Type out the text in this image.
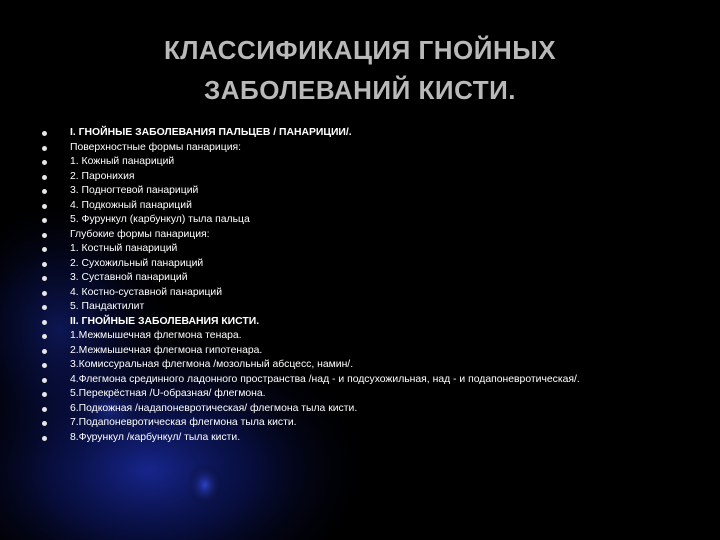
КЛАССИФИКАЦИЯ ГНОЙНЫХ
ЗАБОЛЕВАНИЙ КИСТИ.
I. ГНОЙНЫЕ ЗАБОЛЕВАНИЯ ПАЛЬЦЕВ / ПАНАРИЦИИ/.
Поверхностные формы панариция:
1. Кожный панариций
2. Паронихия
3. Подногтевой панариций
4. Подкожный панариций
5. Фурункул (карбункул) тыла пальца
Глубокие формы панариция:
1. Костный панариций
2. Сухожильный панариций
3. Суставной панариций
4. Костно-суставной панариций
5. Пандактилит
II. ГНОЙНЫЕ ЗАБОЛЕВАНИЯ КИСТИ.
1.Межмышечная флегмона тенара.
2.Межмышечная флегмона гипотенара.
3.Комиссуральная флегмона /мозольный абсцесс, намин/.
4.Флегмона срединного ладонного пространства /над - и подсухожильная, над - и подапоневротическая/.
5.Перекрёстная /U-образная/ флегмона.
6.Подкожная /надапоневротическая/ флегмона тыла кисти.
7.Подапоневротическая флегмона тыла кисти.
8.Фурункул /карбункул/ тыла кисти.
